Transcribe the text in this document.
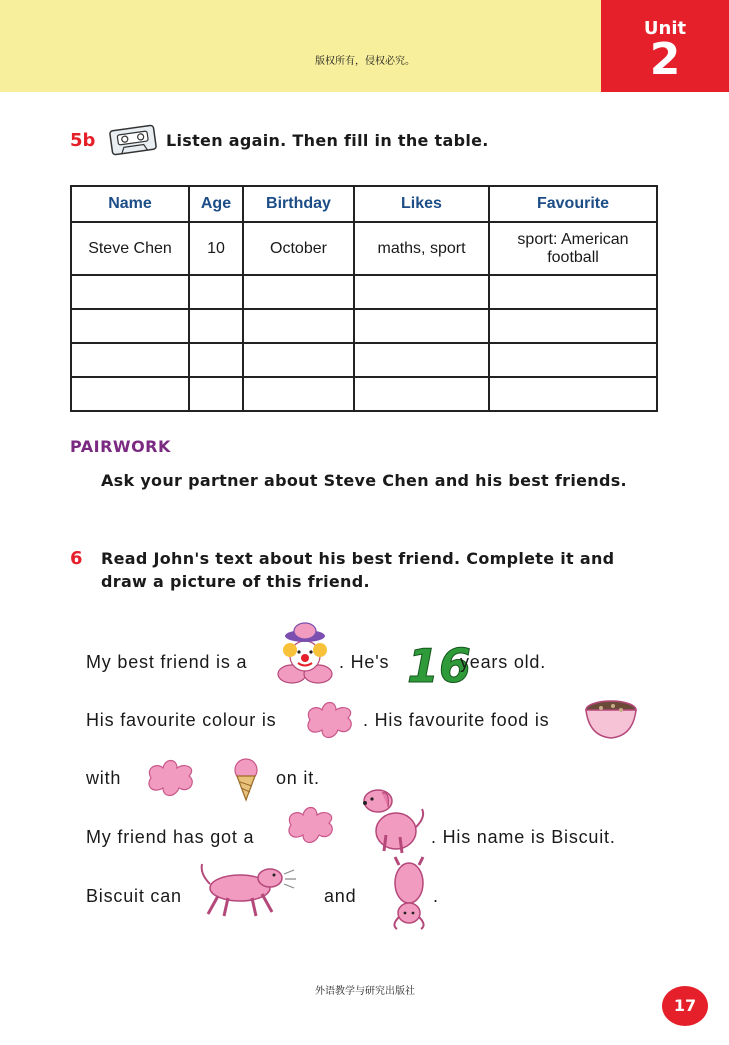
版权所有，侵权必究。
Unit
2
5b	Listen again. Then fill in the table.
Name	Age	Birthday	Likes	Favourite
Steve Chen	10	October	maths, sport	sport: American football

PAIRWORK
Ask your partner about Steve Chen and his best friends.
6 Read John's text about his best friend. Complete it and
draw a picture of this friend.
My best friend is a	. He's 16
years old.
His favourite colour is	. His favourite food is
with	on it.
My friend has got a	. His name is Biscuit.
Biscuit can	and	.
外语教学与研究出版社
17
